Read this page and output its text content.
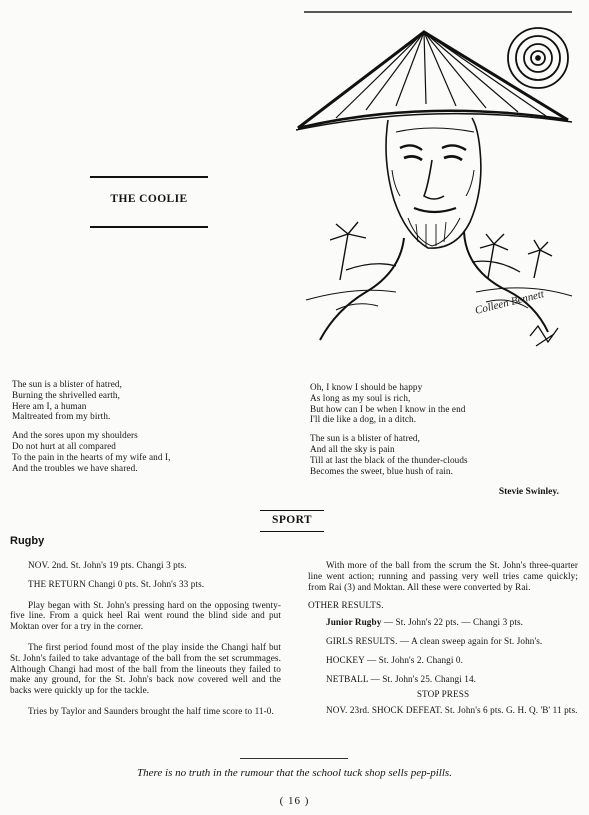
THE COOLIE
Colleen Bennett
The sun is a blister of hatred,
Burning the shrivelled earth,
Here am I, a human
Maltreated from my birth.
And the sores upon my shoulders
Do not hurt at all compared
To the pain in the hearts of my wife and I,
And the troubles we have shared.
Oh, I know I should be happy
As long as my soul is rich,
But how can I be when I know in the end
I'll die like a dog, in a ditch.
The sun is a blister of hatred,
And all the sky is pain
Till at last the black of the thunder-clouds
Becomes the sweet, blue hush of rain.
Stevie Swinley.
SPORT
Rugby

NOV. 2nd. St. John's 19 pts. Changi 3 pts.

THE RETURN Changi 0 pts. St. John's 33 pts.

Play began with St. John's pressing hard on the opposing twenty-five line. From a quick heel Rai went round the blind side and put Moktan over for a try in the corner.

The first period found most of the play inside the Changi half but St. John's failed to take advantage of the ball from the set scrummages. Although Changi had most of the ball from the lineouts they failed to make any ground, for the St. John's back now covered well and the backs were quickly up for the tackle.

Tries by Taylor and Saunders brought the half time score to 11-0.

With more of the ball from the scrum the St. John's three-quarter line went action; running and passing very well tries came quickly; from Rai (3) and Moktan. All these were converted by Rai.

OTHER RESULTS.

Junior Rugby — St. John's 22 pts. — Changi 3 pts.

GIRLS RESULTS. — A clean sweep again for St. John's.

HOCKEY — St. John's 2. Changi 0.

NETBALL — St. John's 25. Changi 14.

STOP PRESS

NOV. 23rd. SHOCK DEFEAT. St. John's 6 pts. G. H. Q. 'B' 11 pts.

There is no truth in the rumour that the school tuck shop sells pep-pills.
( 16 )
